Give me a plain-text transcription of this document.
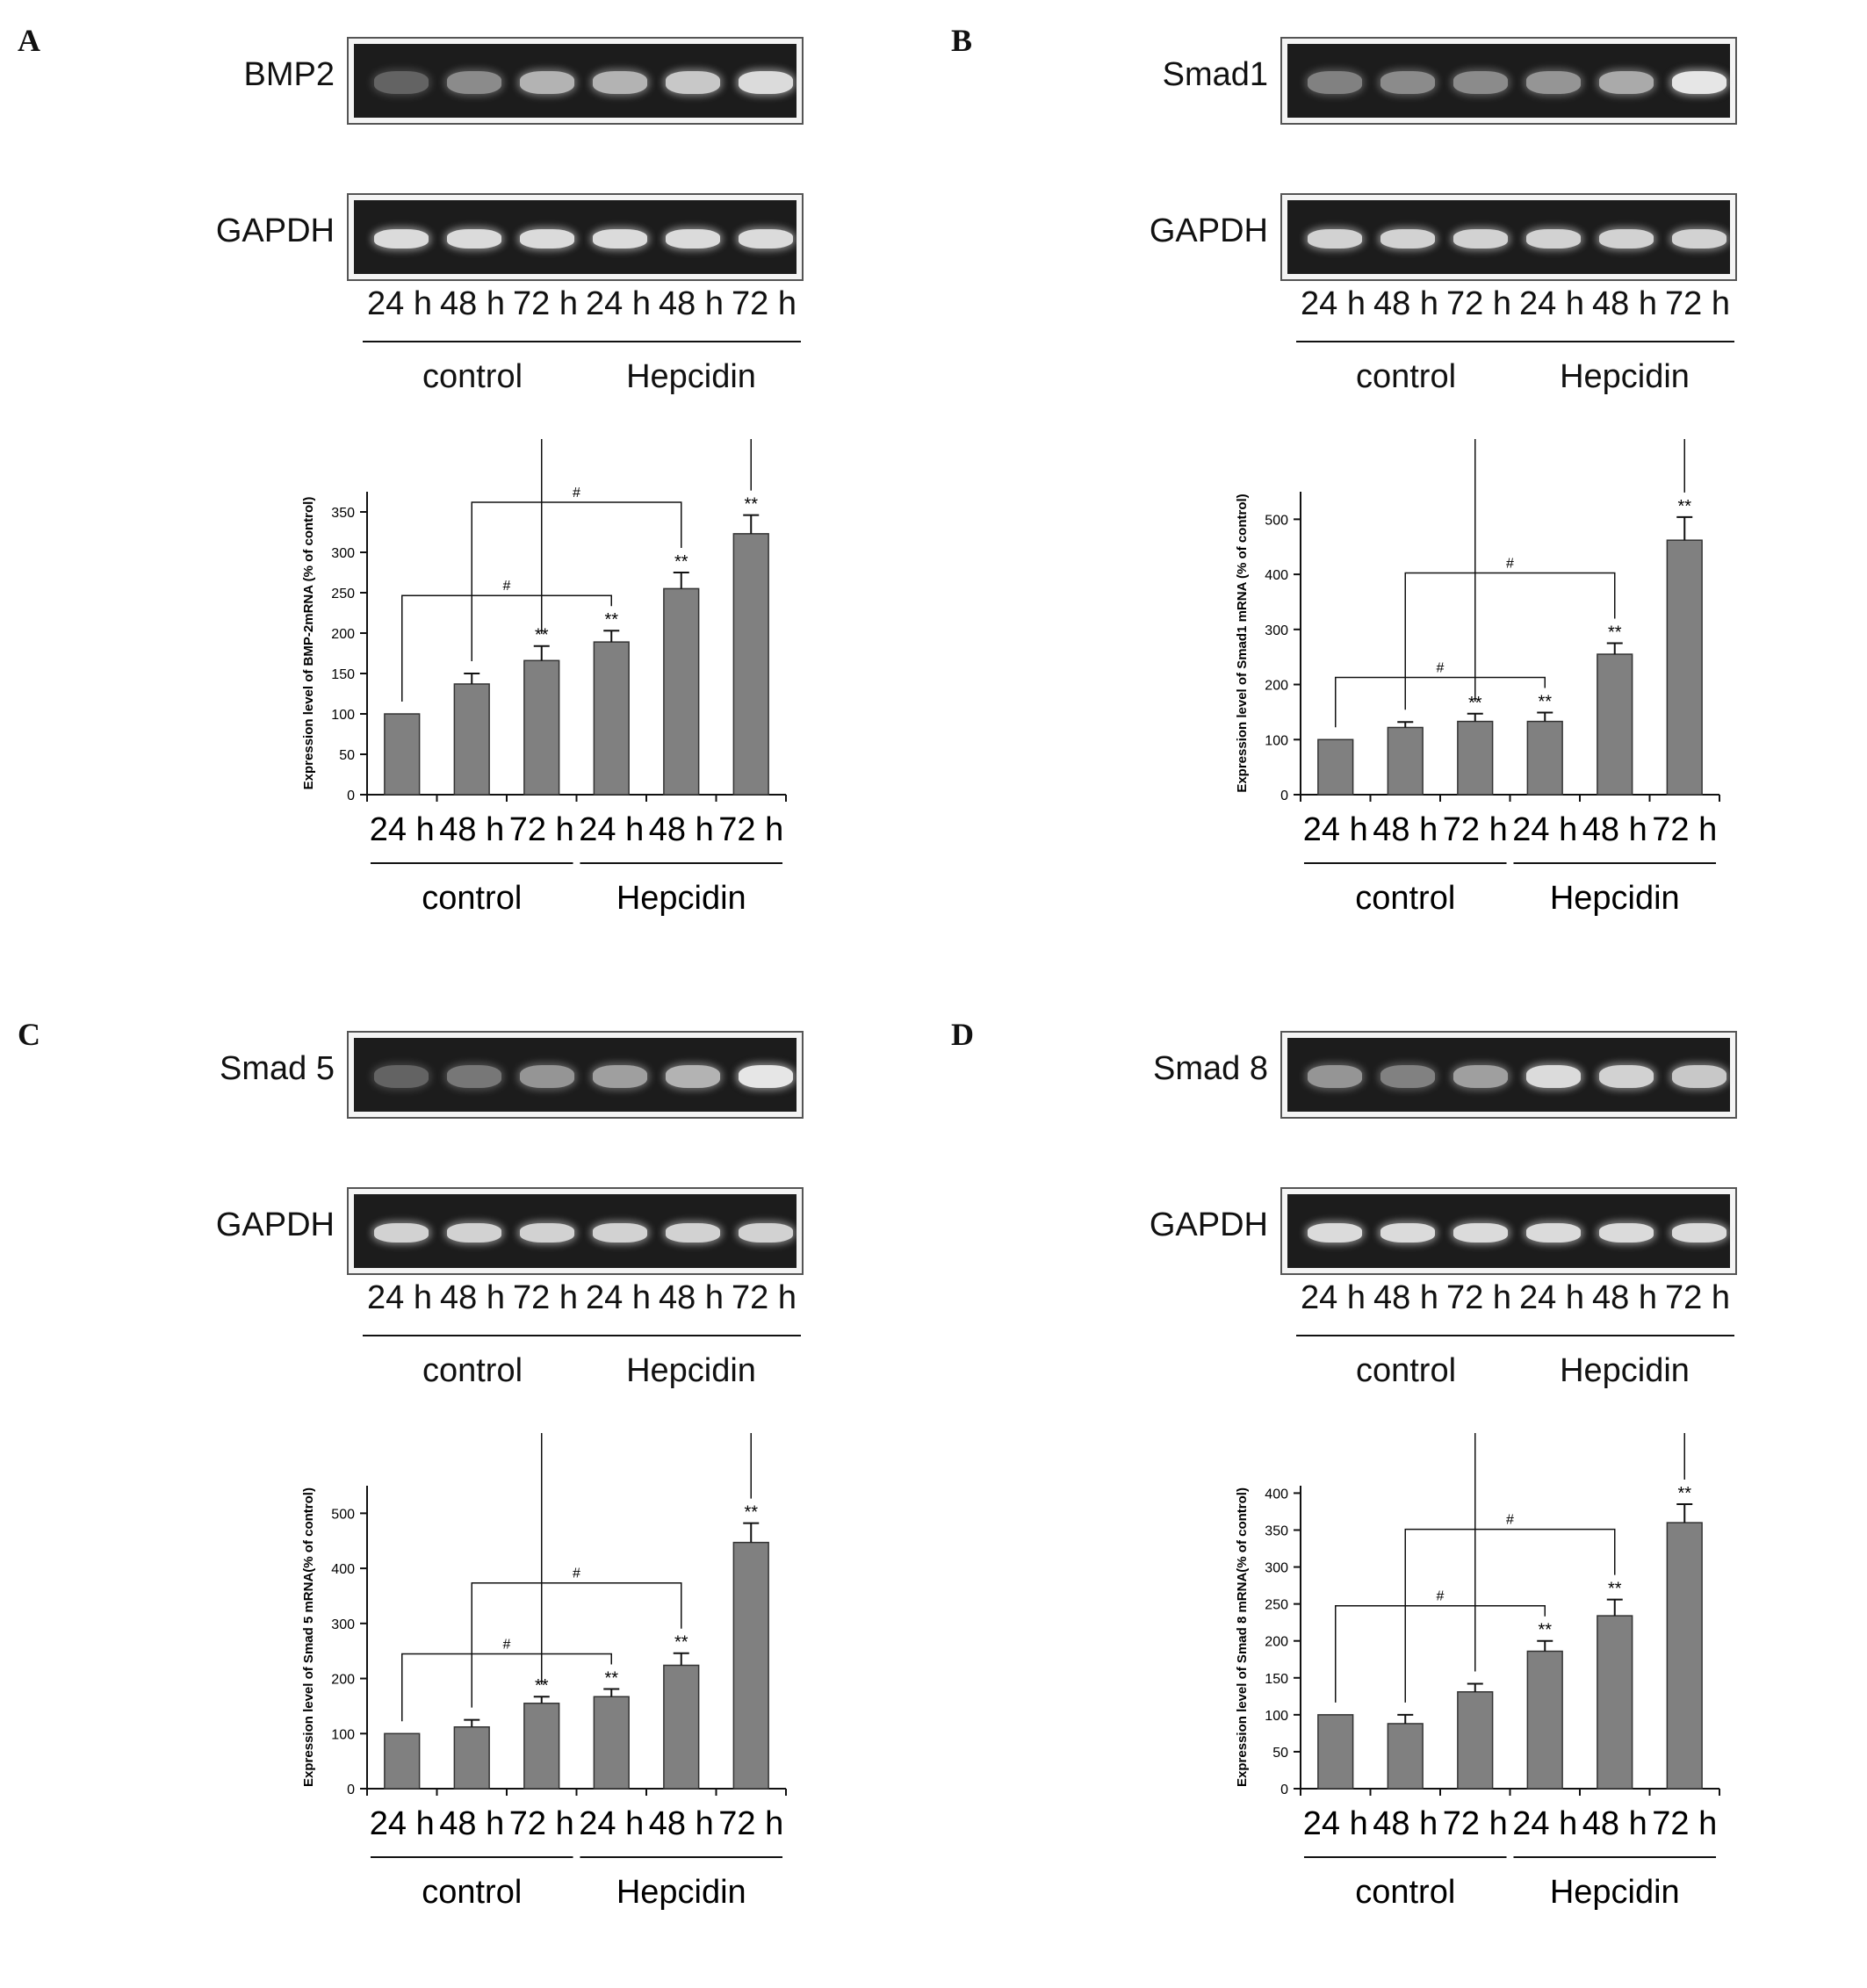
A
BMP2
GAPDH
24 h 48 h 72 h 24 h 48 h 72 h
control	Hepcidin
0
50
100
150
200
250
300
350
Expression level of BMP-2mRNA (% of control)	**
**
**
**
#
#
24 h 48 h 72 h 24 h 48 h 72 h
control	Hepcidin
B
Smad1
GAPDH
24 h 48 h 72 h 24 h 48 h 72 h
control	Hepcidin
0
100
200
300
400
500
Expression level of Smad1 mRNA (% of control)	**	**
**
**
#
#
24 h 48 h 72 h 24 h 48 h 72 h
control	Hepcidin
C
Smad 5
GAPDH
24 h 48 h 72 h 24 h 48 h 72 h
control	Hepcidin
0
100
200
300
400
500
Expression level of Smad 5 mRNA(% of control)	**	**
**
**
#
#
24 h 48 h 72 h 24 h 48 h 72 h
control	Hepcidin
D
Smad 8
GAPDH
24 h 48 h 72 h 24 h 48 h 72 h
control	Hepcidin
0
50
100
150
200
250
300
350
400
Expression level of Smad 8 mRNA(% of control)	**
**
**
#
#
24 h 48 h 72 h 24 h 48 h 72 h
control	Hepcidin
